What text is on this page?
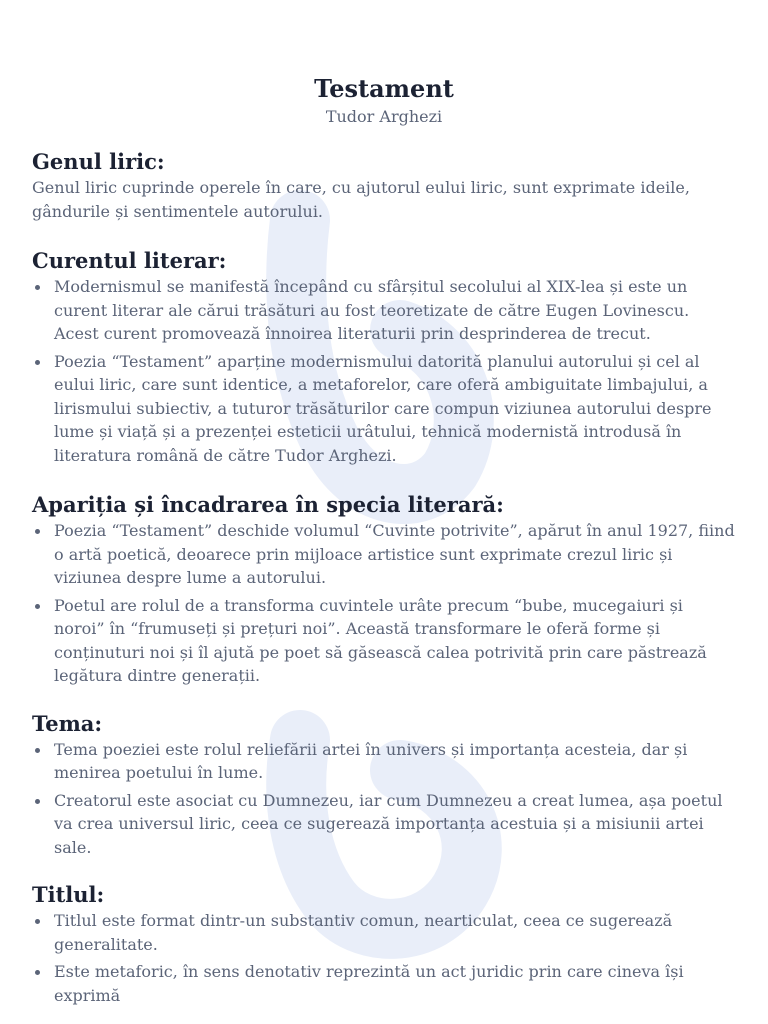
Testament
Tudor Arghezi
Genul liric:

Genul liric cuprinde operele în care, cu ajutorul eului liric, sunt exprimate ideile, gândurile și sentimentele autorului.

Curentul literar:
Modernismul se manifestă începând cu sfârșitul secolului al XIX-lea și este un curent literar ale cărui trăsături au fost teoretizate de către Eugen Lovinescu. Acest curent promovează înnoirea literaturii prin desprinderea de trecut.
Poezia “Testament” aparține modernismului datorită planului autorului și cel al eului liric, care sunt identice, a metaforelor, care oferă ambiguitate limbajului, a lirismului subiectiv, a tuturor trăsăturilor care compun viziunea autorului despre lume și viață și a prezenței esteticii urâtului, tehnică modernistă introdusă în literatura română de către Tudor Arghezi.
Apariția și încadrarea în specia literară:
Poezia “Testament” deschide volumul “Cuvinte potrivite”, apărut în anul 1927, fiind o artă poetică, deoarece prin mijloace artistice sunt exprimate crezul liric și viziunea despre lume a autorului.
Poetul are rolul de a transforma cuvintele urâte precum “bube, mucegaiuri și noroi” în “frumuseți și prețuri noi”. Această transformare le oferă forme și conținuturi noi și îl ajută pe poet să găsească calea potrivită prin care păstrează legătura dintre generații.
Tema:
Tema poeziei este rolul reliefării artei în univers și importanța acesteia, dar și menirea poetului în lume.
Creatorul este asociat cu Dumnezeu, iar cum Dumnezeu a creat lumea, așa poetul va crea universul liric, ceea ce sugerează importanța acestuia și a misiunii artei sale.
Titlul:
Titlul este format dintr-un substantiv comun, nearticulat, ceea ce sugerează generalitate.
Este metaforic, în sens denotativ reprezintă un act juridic prin care cineva își exprimă
